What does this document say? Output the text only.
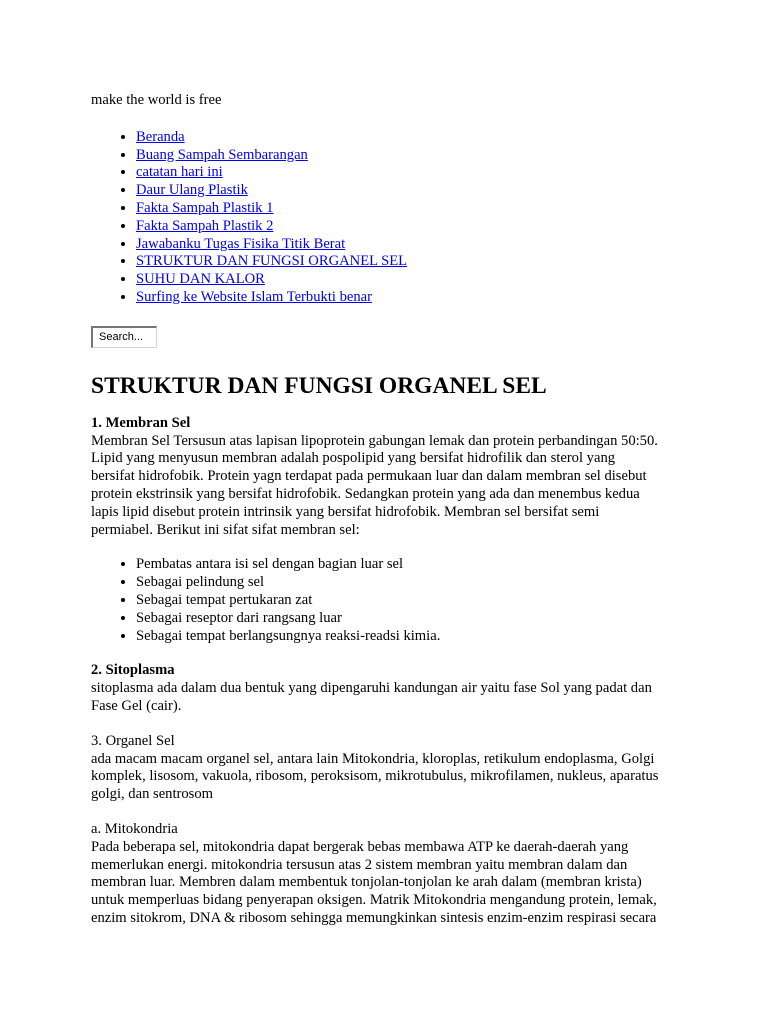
make the world is free

• Beranda
• Buang Sampah Sembarangan
• catatan hari ini
• Daur Ulang Plastik
• Fakta Sampah Plastik 1
• Fakta Sampah Plastik 2
• Jawabanku Tugas Fisika Titik Berat
• STRUKTUR DAN FUNGSI ORGANEL SEL
• SUHU DAN KALOR
• Surfing ke Website Islam Terbukti benar
Search...
STRUKTUR DAN FUNGSI ORGANEL SEL
1. Membran Sel

Membran Sel Tersusun atas lapisan lipoprotein gabungan lemak dan protein perbandingan 50:50.

Lipid yang menyusun membran adalah pospolipid yang bersifat hidrofilik dan sterol yang

bersifat hidrofobik. Protein yagn terdapat pada permukaan luar dan dalam membran sel disebut

protein ekstrinsik yang bersifat hidrofobik. Sedangkan protein yang ada dan menembus kedua

lapis lipid disebut protein intrinsik yang bersifat hidrofobik. Membran sel bersifat semi

permiabel. Berikut ini sifat sifat membran sel:

• Pembatas antara isi sel dengan bagian luar sel
• Sebagai pelindung sel
• Sebagai tempat pertukaran zat
• Sebagai reseptor dari rangsang luar
• Sebagai tempat berlangsungnya reaksi-readsi kimia.
2. Sitoplasma

sitoplasma ada dalam dua bentuk yang dipengaruhi kandungan air yaitu fase Sol yang padat dan

Fase Gel (cair).

3. Organel Sel

ada macam macam organel sel, antara lain Mitokondria, kloroplas, retikulum endoplasma, Golgi

komplek, lisosom, vakuola, ribosom, peroksisom, mikrotubulus, mikrofilamen, nukleus, aparatus

golgi, dan sentrosom

a. Mitokondria

Pada beberapa sel, mitokondria dapat bergerak bebas membawa ATP ke daerah-daerah yang

memerlukan energi. mitokondria tersusun atas 2 sistem membran yaitu membran dalam dan

membran luar. Membren dalam membentuk tonjolan-tonjolan ke arah dalam (membran krista)

untuk memperluas bidang penyerapan oksigen. Matrik Mitokondria mengandung protein, lemak,

enzim sitokrom, DNA & ribosom sehingga memungkinkan sintesis enzim-enzim respirasi secara
